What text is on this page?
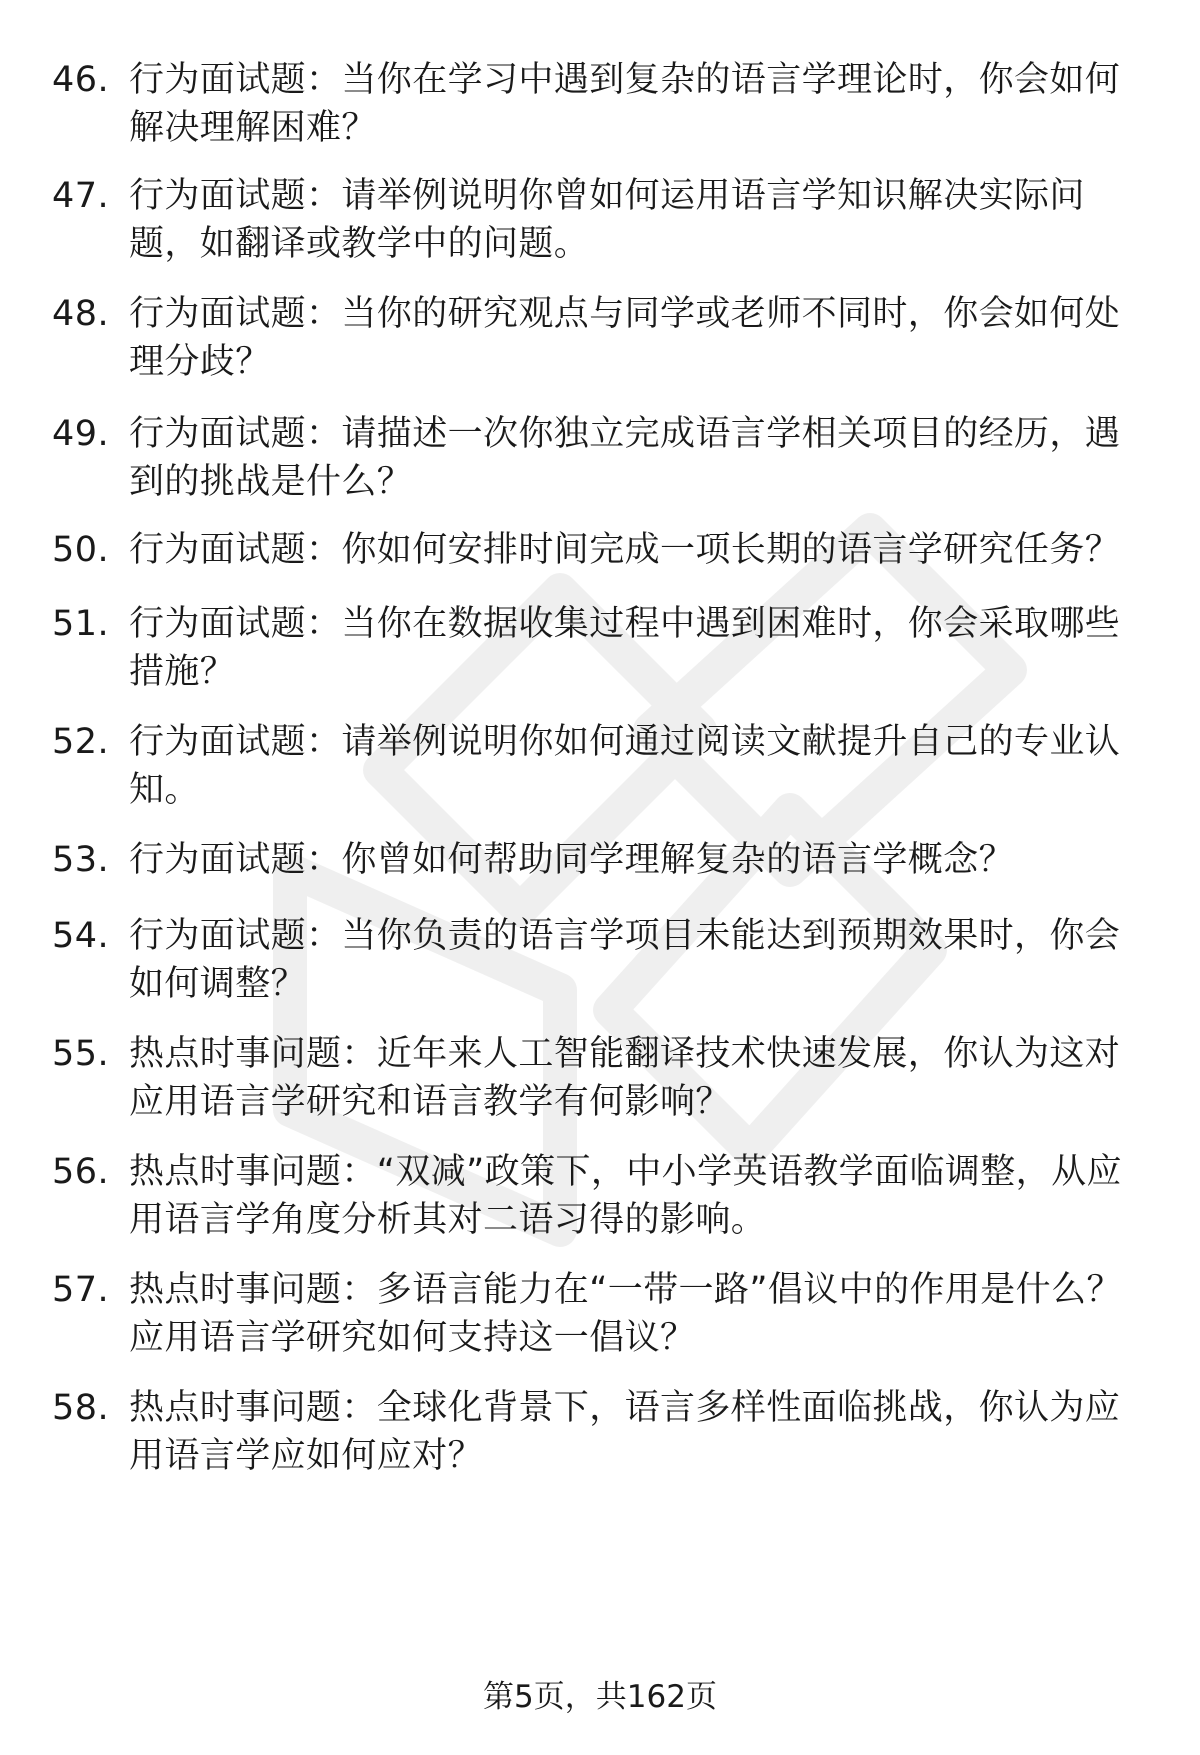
46. 行为面试题：当你在学习中遇到复杂的语言学理论时，你会如何解决理解困难？
47. 行为面试题：请举例说明你曾如何运用语言学知识解决实际问题，如翻译或教学中的问题。
48. 行为面试题：当你的研究观点与同学或老师不同时，你会如何处理分歧？
49. 行为面试题：请描述一次你独立完成语言学相关项目的经历，遇到的挑战是什么？
50. 行为面试题：你如何安排时间完成一项长期的语言学研究任务？
51. 行为面试题：当你在数据收集过程中遇到困难时，你会采取哪些措施？
52. 行为面试题：请举例说明你如何通过阅读文献提升自己的专业认知。
53. 行为面试题：你曾如何帮助同学理解复杂的语言学概念？
54. 行为面试题：当你负责的语言学项目未能达到预期效果时，你会如何调整？
55. 热点时事问题：近年来人工智能翻译技术快速发展，你认为这对应用语言学研究和语言教学有何影响？
56. 热点时事问题：“双减”政策下，中小学英语教学面临调整，从应用语言学角度分析其对二语习得的影响。
57. 热点时事问题：多语言能力在“一带一路”倡议中的作用是什么？应用语言学研究如何支持这一倡议？
58. 热点时事问题：全球化背景下，语言多样性面临挑战，你认为应用语言学应如何应对？
第5页，共162页
